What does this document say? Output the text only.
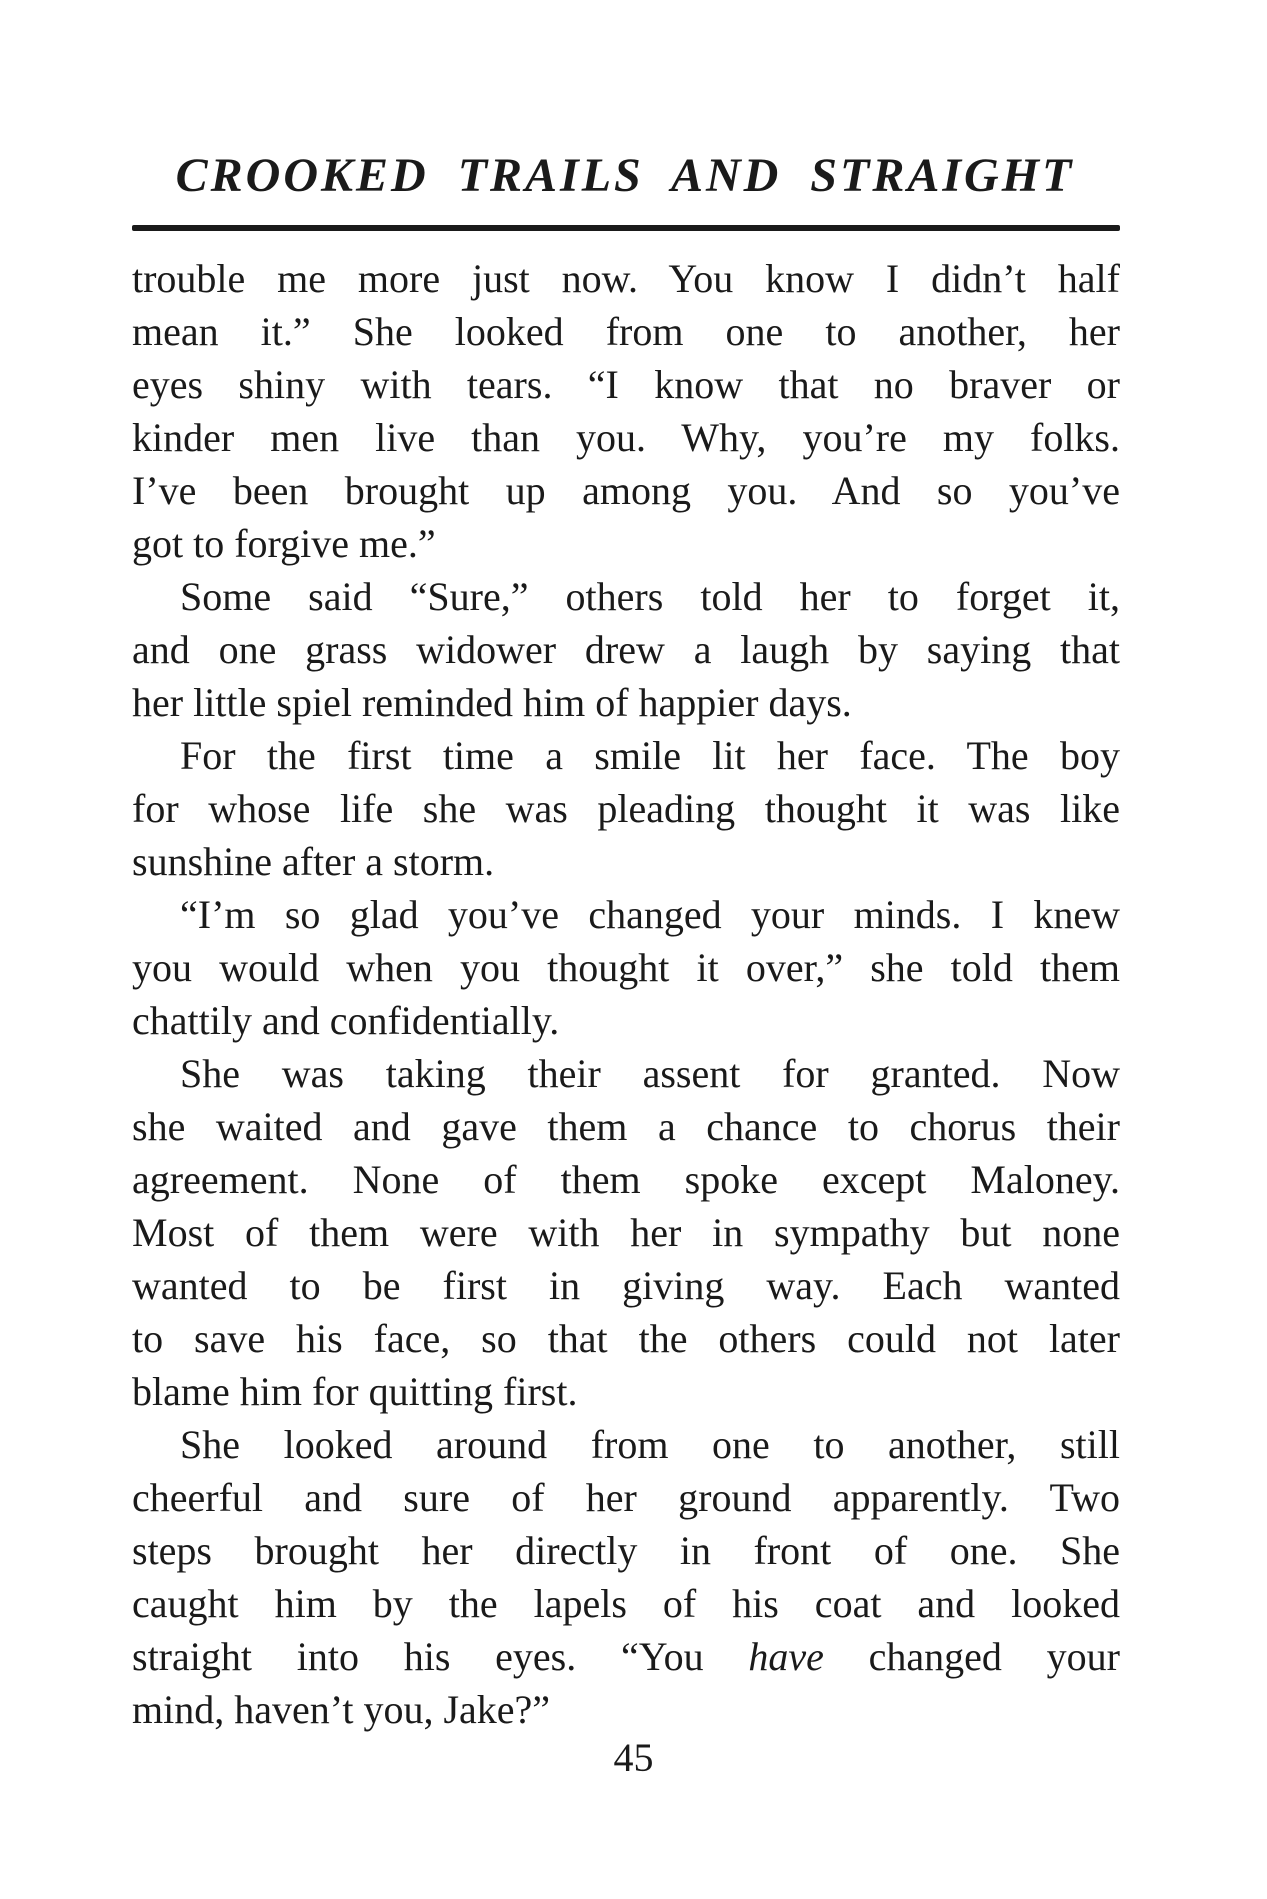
CROOKED TRAILS AND STRAIGHT
trouble me more just now. You know I didn’t half
mean it.” She looked from one to another, her
eyes shiny with tears. “I know that no braver or
kinder men live than you. Why, you’re my folks.
I’ve been brought up among you. And so you’ve
got to forgive me.”
Some said “Sure,” others told her to forget it,
and one grass widower drew a laugh by saying that
her little spiel reminded him of happier days.
For the first time a smile lit her face. The boy
for whose life she was pleading thought it was like
sunshine after a storm.
“I’m so glad you’ve changed your minds. I knew
you would when you thought it over,” she told them
chattily and confidentially.
She was taking their assent for granted. Now
she waited and gave them a chance to chorus their
agreement. None of them spoke except Maloney.
Most of them were with her in sympathy but none
wanted to be first in giving way. Each wanted
to save his face, so that the others could not later
blame him for quitting first.
She looked around from one to another, still
cheerful and sure of her ground apparently. Two
steps brought her directly in front of one. She
caught him by the lapels of his coat and looked
straight into his eyes. “You have changed your
mind, haven’t you, Jake?”
45
